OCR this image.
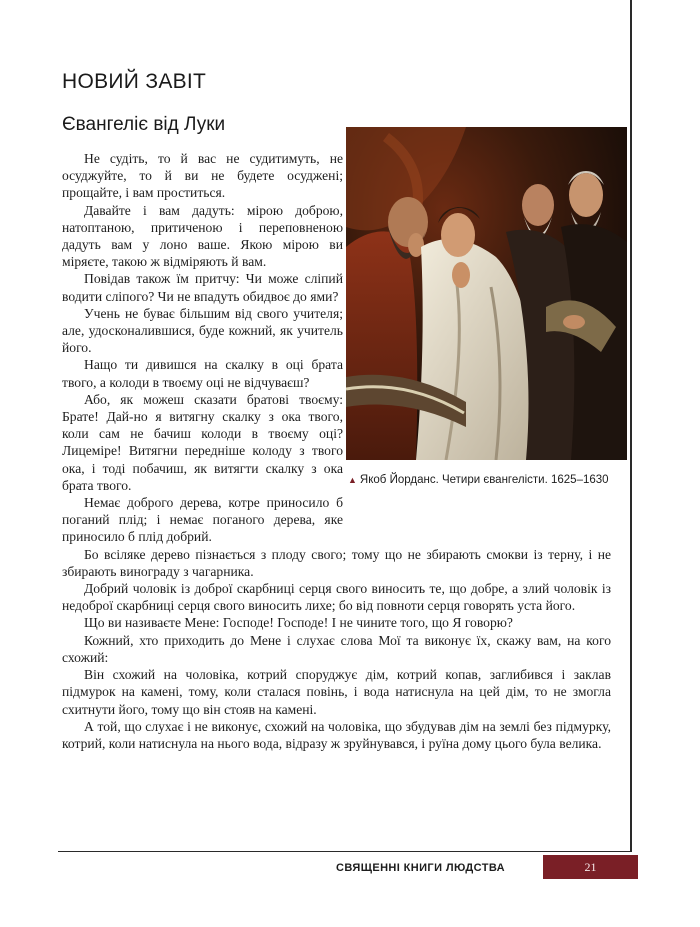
НОВИЙ ЗАВІТ
Євангеліє від Луки
▲ Якоб Йорданс. Четири євангелісти. 1625–1630

Не судіть, то й вас не судитимуть, не осуджуйте, то й ви не будете осуджені; прощайте, і вам проститься.

Давайте і вам дадуть: мірою доброю, натоптаною, притиченою і переповненою дадуть вам у лоно ваше. Якою мірою ви міряєте, такою ж відміряють й вам.

Повідав також їм притчу: Чи може сліпий водити сліпого? Чи не впадуть обидвоє до ями?

Учень не буває більшим від свого учителя; але, удосконалившися, буде кожний, як учитель його.

Нащо ти дивишся на скалку в оці брата твого, а колоди в твоєму оці не відчуваєш?

Або, як можеш сказати братові твоєму: Брате! Дай-но я витягну скалку з ока твого, коли сам не бачиш колоди в твоєму оці? Лицеміре! Витягни передніше колоду з твого ока, і тоді побачиш, як витягти скалку з ока брата твого.

Немає доброго дерева, котре приносило б поганий плід; і немає поганого дерева, яке приносило б плід добрий.

Бо всіляке дерево пізнається з плоду свого; тому що не збирають смокви із терну, і не збирають винограду з чагарника.

Добрий чоловік із доброї скарбниці серця свого виносить те, що добре, а злий чоловік із недоброї скарбниці серця свого виносить лихе; бо від повноти серця говорять уста його.

Що ви називаєте Мене: Господе! Господе! І не чините того, що Я говорю?

Кожний, хто приходить до Мене і слухає слова Мої та виконує їх, скажу вам, на кого схожий:

Він схожий на чоловіка, котрий споруджує дім, котрий копав, заглибився і заклав підмурок на камені, тому, коли сталася повінь, і вода натиснула на цей дім, то не змогла схитнути його, тому що він стояв на камені.

А той, що слухає і не виконує, схожий на чоловіка, що збудував дім на землі без підмурку, котрий, коли натиснула на нього вода, відразу ж зруйнувався, і руїна дому цього була велика.

СВЯЩЕННІ КНИГИ ЛЮДСТВА	21
